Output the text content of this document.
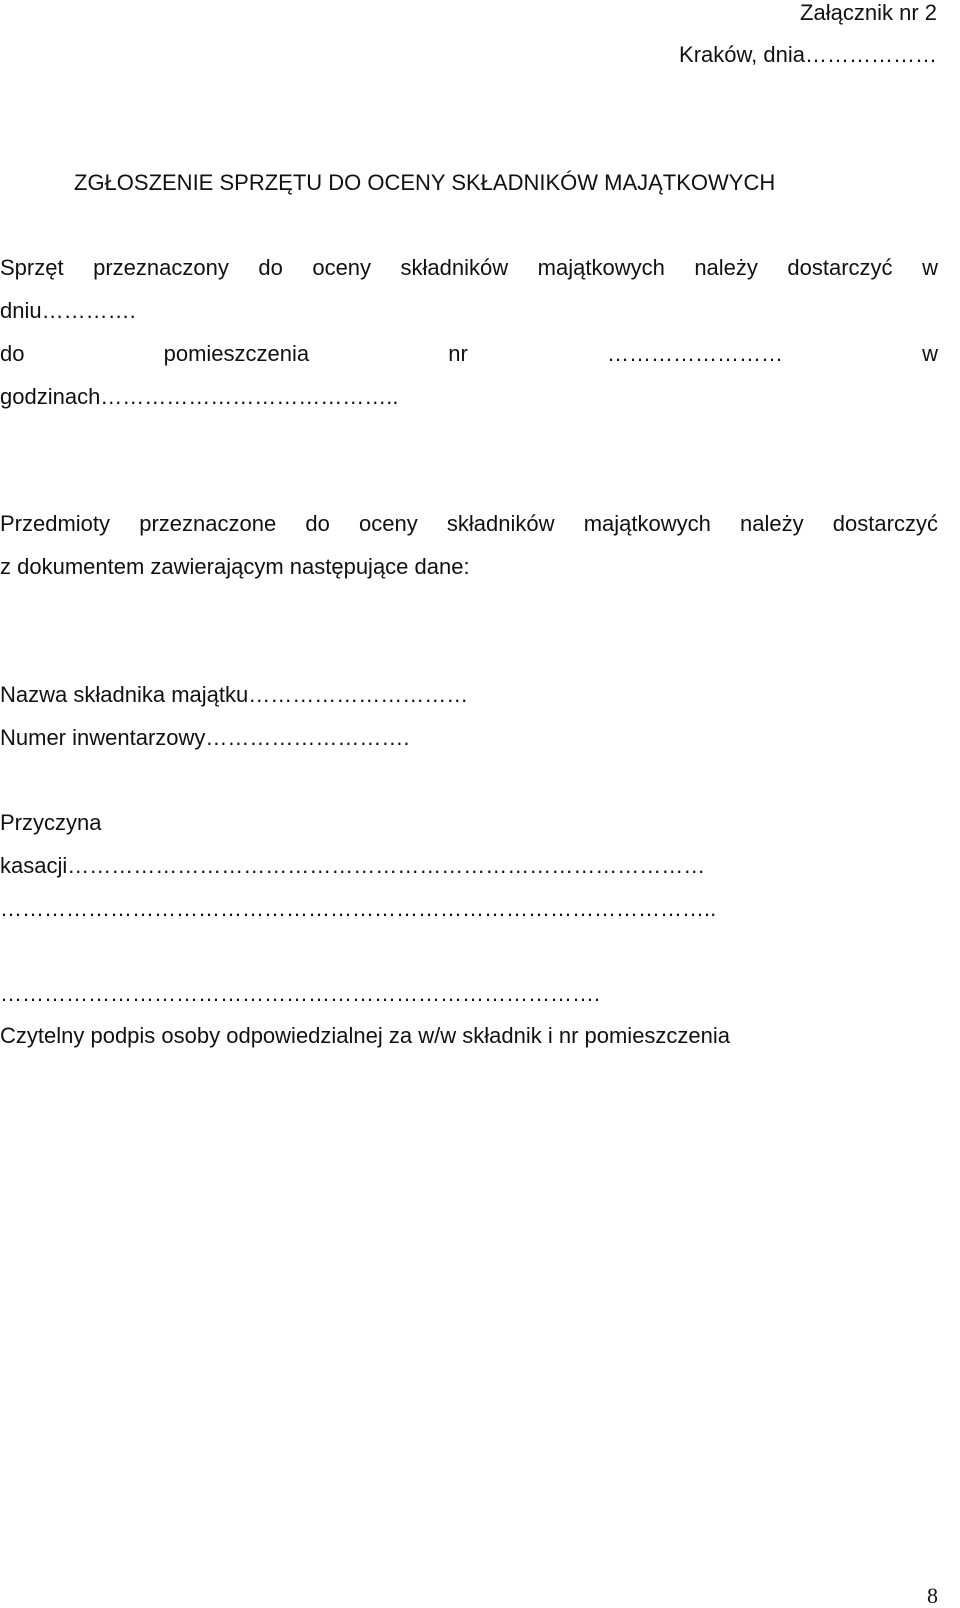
Załącznik nr 2
Kraków, dnia………………
ZGŁOSZENIE SPRZĘTU DO OCENY SKŁADNIKÓW MAJĄTKOWYCH
Sprzęt przeznaczony do oceny składników majątkowych należy dostarczyć w
dniu………….
do	pomieszczenia	nr	……………………	w
godzinach…………………………………..
Przedmioty przeznaczone do oceny składników majątkowych należy dostarczyć
z dokumentem zawierającym następujące dane:
Nazwa składnika majątku…………………………
Numer inwentarzowy……………………….
Przyczyna
kasacji……………………………………………………………………………
……………………………………………………………………………………..
……………………………………………………………………….
Czytelny podpis osoby odpowiedzialnej za w/w składnik i nr pomieszczenia
8
